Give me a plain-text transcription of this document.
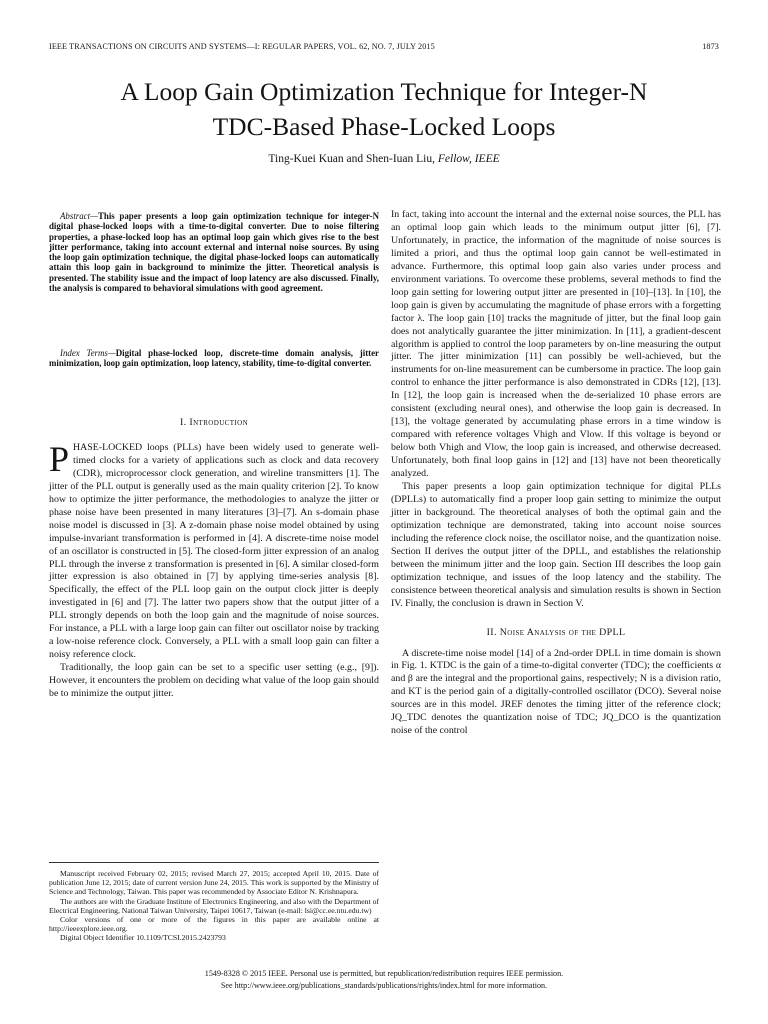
IEEE TRANSACTIONS ON CIRCUITS AND SYSTEMS—I: REGULAR PAPERS, VOL. 62, NO. 7, JULY 2015	1873
A Loop Gain Optimization Technique for Integer-N
TDC-Based Phase-Locked Loops
Ting-Kuei Kuan and Shen-Iuan Liu, Fellow, IEEE
Abstract—This paper presents a loop gain optimization technique for integer-N digital phase-locked loops with a time-to-digital converter. Due to noise filtering properties, a phase-locked loop has an optimal loop gain which gives rise to the best jitter performance, taking into account external and internal noise sources. By using the loop gain optimization technique, the digital phase-locked loops can automatically attain this loop gain in background to minimize the jitter. Theoretical analysis is presented. The stability issue and the impact of loop latency are also discussed. Finally, the analysis is compared to behavioral simulations with good agreement.
Index Terms—Digital phase-locked loop, discrete-time domain analysis, jitter minimization, loop gain optimization, loop latency, stability, time-to-digital converter.
I. Introduction

PHASE-LOCKED loops (PLLs) have been widely used to generate well-timed clocks for a variety of applications such as clock and data recovery (CDR), microprocessor clock generation, and wireline transmitters [1]. The jitter of the PLL output is generally used as the main quality criterion [2]. To know how to optimize the jitter performance, the methodologies to analyze the jitter or phase noise have been presented in many literatures [3]–[7]. An s-domain phase noise model is discussed in [3]. A z-domain phase noise model obtained by using impulse-invariant transformation is performed in [4]. A discrete-time noise model of an oscillator is constructed in [5]. The closed-form jitter expression of an analog PLL through the inverse z transformation is presented in [6]. A similar closed-form jitter expression is also obtained in [7] by applying time-series analysis [8]. Specifically, the effect of the PLL loop gain on the output clock jitter is deeply investigated in [6] and [7]. The latter two papers show that the output jitter of a PLL strongly depends on both the loop gain and the magnitude of noise sources. For instance, a PLL with a large loop gain can filter out oscillator noise by tracking a low-noise reference clock. Conversely, a PLL with a small loop gain can filter a noisy reference clock.

Traditionally, the loop gain can be set to a specific user setting (e.g., [9]). However, it encounters the problem on deciding what value of the loop gain should be to minimize the output jitter.

In fact, taking into account the internal and the external noise sources, the PLL has an optimal loop gain which leads to the minimum output jitter [6], [7]. Unfortunately, in practice, the information of the magnitude of noise sources is limited a priori, and thus the optimal loop gain cannot be well-estimated in advance. Furthermore, this optimal loop gain also varies under process and environment variations. To overcome these problems, several methods to find the loop gain setting for lowering output jitter are presented in [10]–[13]. In [10], the loop gain is given by accumulating the magnitude of phase errors with a forgetting factor λ. The loop gain [10] tracks the magnitude of jitter, but the final loop gain does not analytically guarantee the jitter minimization. In [11], a gradient-descent algorithm is applied to control the loop parameters by on-line measuring the output jitter. The jitter minimization [11] can possibly be well-achieved, but the instruments for on-line measurement can be cumbersome in practice. The loop gain control to enhance the jitter performance is also demonstrated in CDRs [12], [13]. In [12], the loop gain is increased when the de-serialized 10 phase errors are consistent (excluding neural ones), and otherwise the loop gain is decreased. In [13], the voltage generated by accumulating phase errors in a time window is compared with reference voltages Vhigh and Vlow. If this voltage is beyond or below both Vhigh and Vlow, the loop gain is increased, and otherwise decreased. Unfortunately, both final loop gains in [12] and [13] have not been theoretically analyzed.

This paper presents a loop gain optimization technique for digital PLLs (DPLLs) to automatically find a proper loop gain setting to minimize the output jitter in background. The theoretical analyses of both the optimal gain and the optimization technique are demonstrated, taking into account noise sources including the reference clock noise, the oscillator noise, and the quantization noise. Section II derives the output jitter of the DPLL, and establishes the relationship between the minimum jitter and the loop gain. Section III describes the loop gain optimization technique, and issues of the loop latency and the stability. The consistence between theoretical analysis and simulation results is shown in Section IV. Finally, the conclusion is drawn in Section V.

II. Noise Analysis of the DPLL

A discrete-time noise model [14] of a 2nd-order DPLL in time domain is shown in Fig. 1. KTDC is the gain of a time-to-digital converter (TDC); the coefficients α and β are the integral and the proportional gains, respectively; N is a division ratio, and KT is the period gain of a digitally-controlled oscillator (DCO). Several noise sources are in this model. JREF denotes the timing jitter of the reference clock; JQ_TDC denotes the quantization noise of TDC; JQ_DCO is the quantization noise of the control

Manuscript received February 02, 2015; revised March 27, 2015; accepted April 10, 2015. Date of publication June 12, 2015; date of current version June 24, 2015. This work is supported by the Ministry of Science and Technology, Taiwan. This paper was recommended by Associate Editor N. Krishnapura.

The authors are with the Graduate Institute of Electronics Engineering, and also with the Department of Electrical Engineering, National Taiwan University, Taipei 10617, Taiwan (e-mail: lsi@cc.ee.ntu.edu.tw)

Color versions of one or more of the figures in this paper are available online at http://ieeexplore.ieee.org.

Digital Object Identifier 10.1109/TCSI.2015.2423793

1549-8328 © 2015 IEEE. Personal use is permitted, but republication/redistribution requires IEEE permission.
See http://www.ieee.org/publications_standards/publications/rights/index.html for more information.
